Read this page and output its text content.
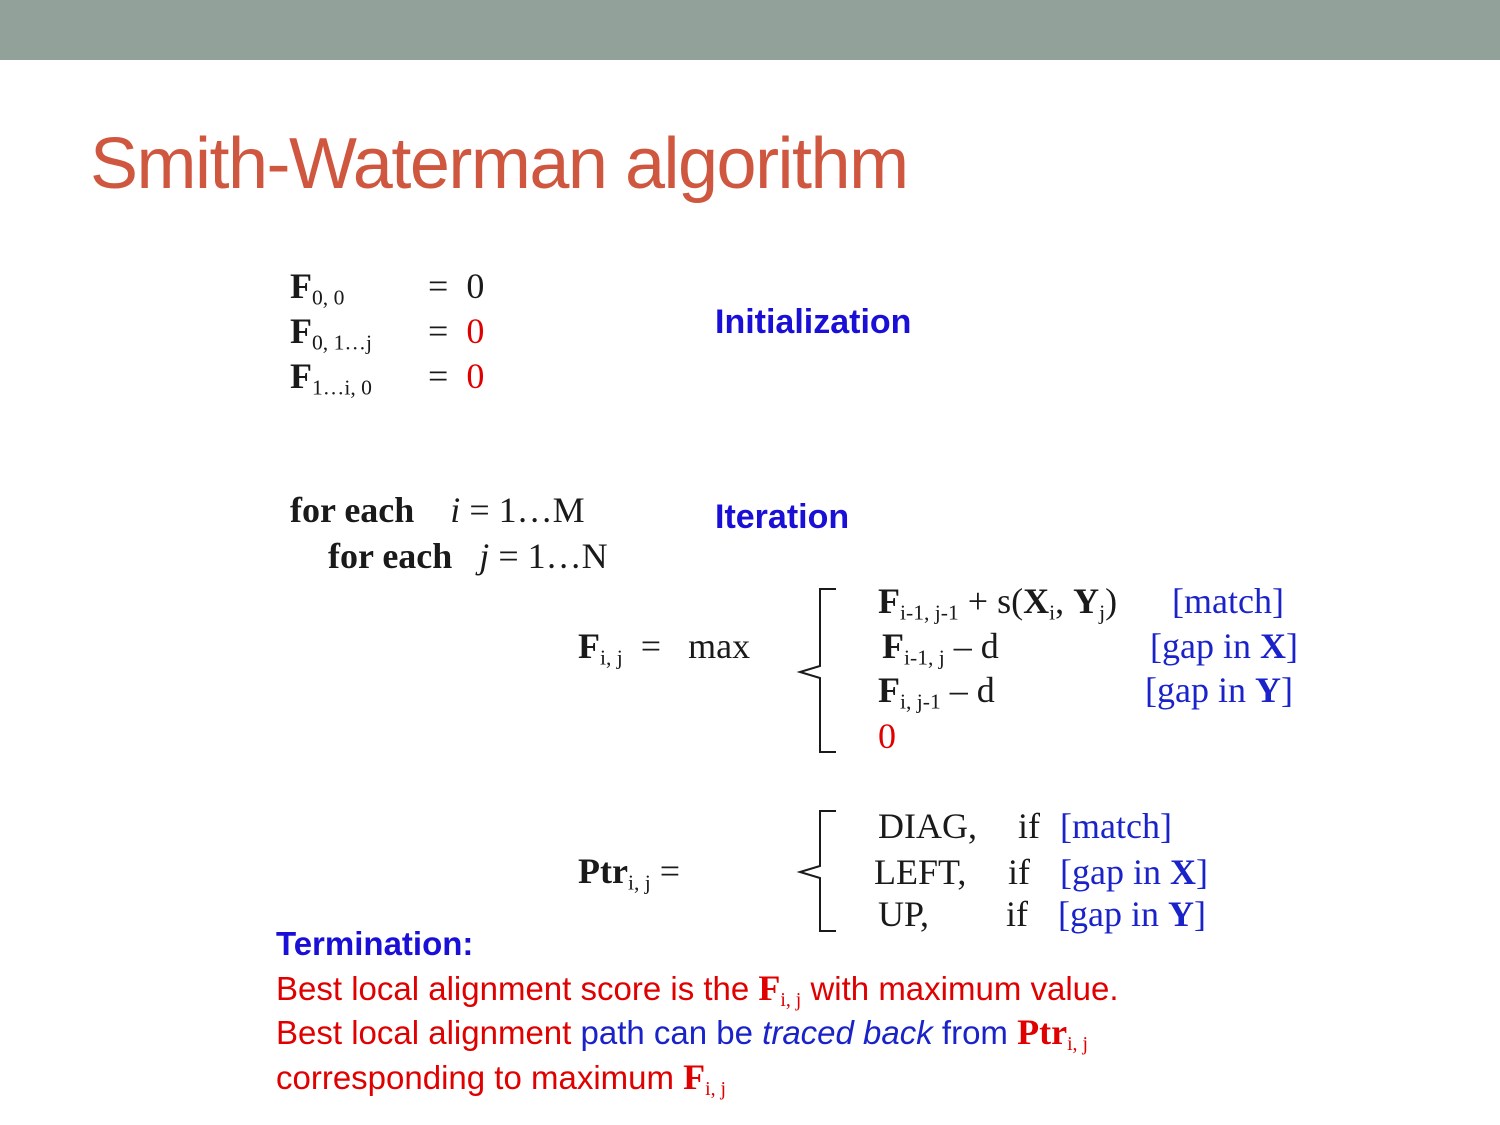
Smith-Waterman algorithm
F0, 0 = 0
F0, 1…j = 0
F1…i, 0 = 0
Initialization
for each i = 1…M
for each j = 1…N
Iteration
Fi, j = max
Fi-1, j-1 + s(Xi, Yj) [match]
Fi-1, j – d	[gap in X]
Fi, j-1 – d	[gap in Y]
0
Ptri, j =
DIAG, if [match]
LEFT, if [gap in X]
UP, if [gap in Y]
Termination:
Best local alignment score is the Fi, j with maximum value.
Best local alignment path can be traced back from Ptri, j
corresponding to maximum Fi, j
